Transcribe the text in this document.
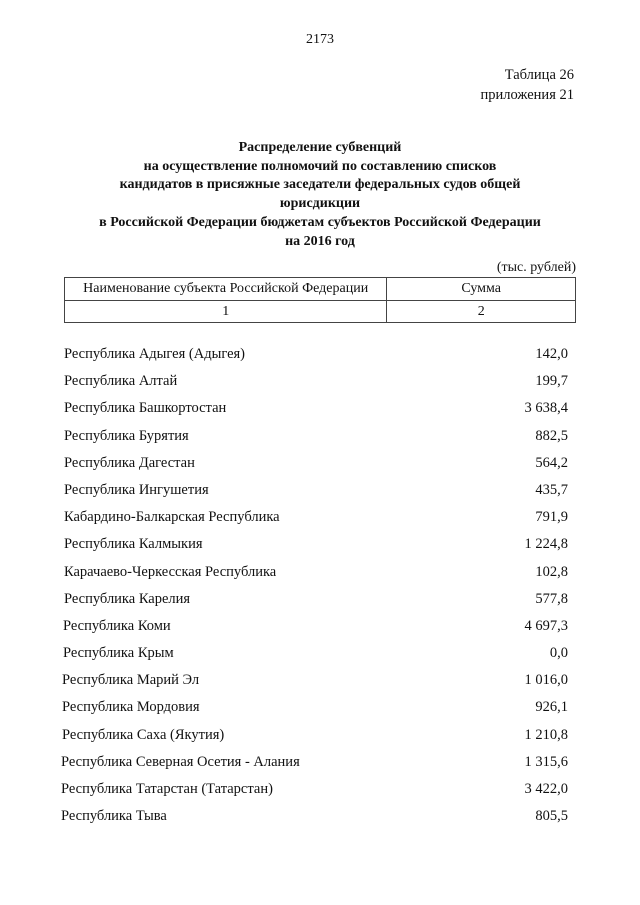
2173
Таблица 26
приложения 21
Распределение субвенций
на осуществление полномочий по составлению списков
кандидатов в присяжные заседатели федеральных судов общей
юрисдикции
в Российской Федерации бюджетам субъектов Российской Федерации
на 2016 год
(тыс. рублей)
Наименование субъекта Российской Федерации	Сумма
1	2
Республика Адыгея (Адыгея)	142,0
Республика Алтай	199,7
Республика Башкортостан	3 638,4
Республика Бурятия	882,5
Республика Дагестан	564,2
Республика Ингушетия	435,7
Кабардино-Балкарская Республика	791,9
Республика Калмыкия	1 224,8
Карачаево-Черкесская Республика	102,8
Республика Карелия	577,8
Республика Коми	4 697,3
Республика Крым	0,0
Республика Марий Эл	1 016,0
Республика Мордовия	926,1
Республика Саха (Якутия)	1 210,8
Республика Северная Осетия - Алания	1 315,6
Республика Татарстан (Татарстан)	3 422,0
Республика Тыва	805,5
